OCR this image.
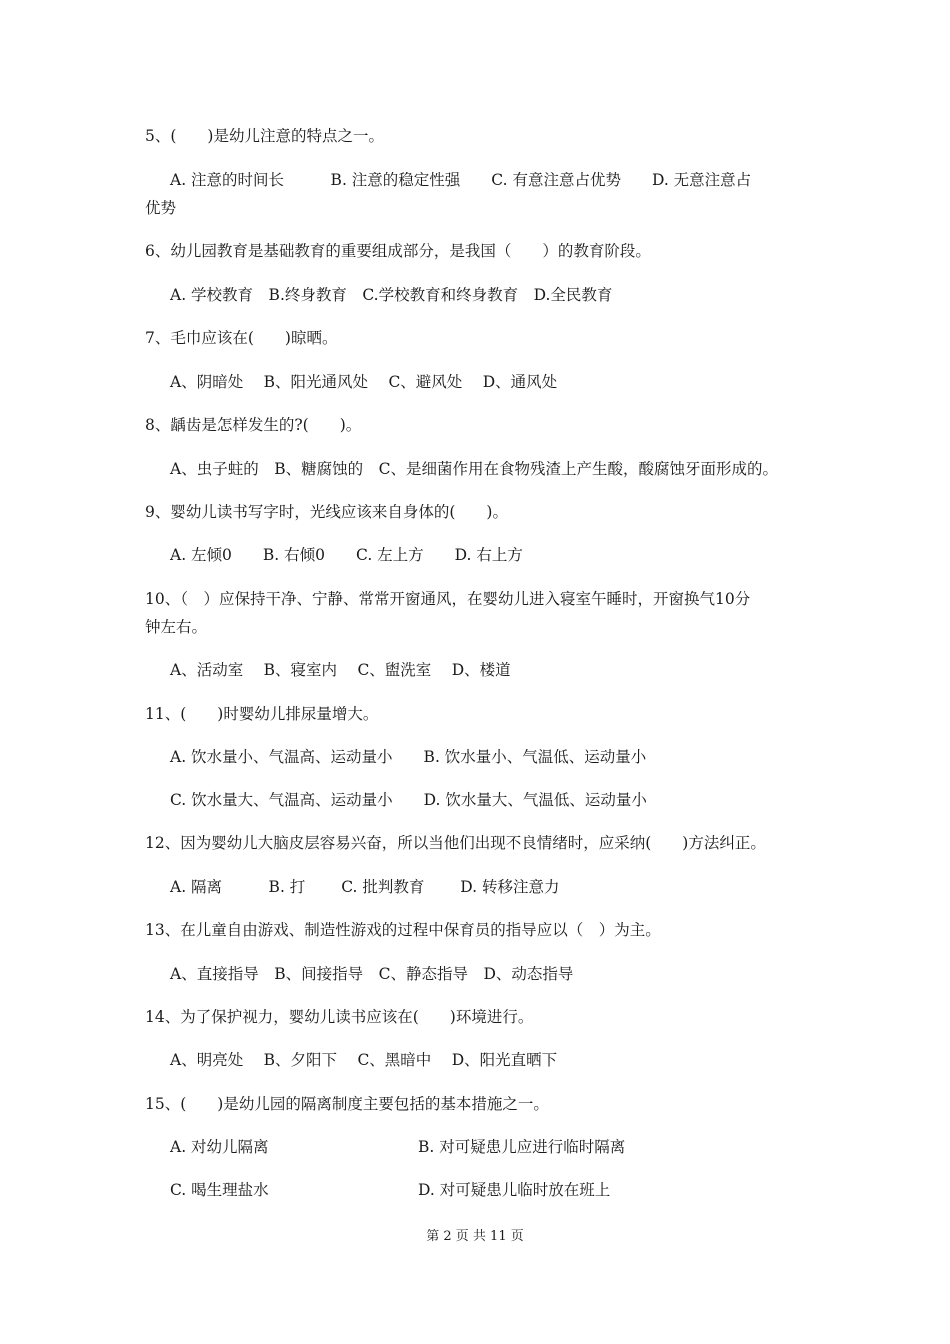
5、(　　)是幼儿注意的特点之一。
A. 注意的时间长　　　B. 注意的稳定性强　　C. 有意注意占优势　　D. 无意注意占
优势
6、幼儿园教育是基础教育的重要组成部分，是我国（　　）的教育阶段。
A. 学校教育　B.终身教育　C.学校教育和终身教育　D.全民教育
7、毛巾应该在(　　)晾晒。
A、阴暗处　 B、阳光通风处　 C、避风处　 D、通风处
8、龋齿是怎样发生的?(　　)。
A、虫子蛀的　B、糖腐蚀的　C、是细菌作用在食物残渣上产生酸，酸腐蚀牙面形成的。
9、婴幼儿读书写字时，光线应该来自身体的(　　)。
A. 左倾0　　B. 右倾0　　C. 左上方　　D. 右上方
10、（　）应保持干净、宁静、常常开窗通风，在婴幼儿进入寝室午睡时，开窗换气10分
钟左右。
A、活动室　 B、寝室内　 C、盥洗室　 D、楼道
11、(　　)时婴幼儿排尿量增大。
A. 饮水量小、气温高、运动量小　　B. 饮水量小、气温低、运动量小
C. 饮水量大、气温高、运动量小　　D. 饮水量大、气温低、运动量小
12、因为婴幼儿大脑皮层容易兴奋，所以当他们出现不良情绪时，应采纳(　　)方法纠正。
A. 隔离　　　B. 打　　 C. 批判教育　　 D. 转移注意力
13、在儿童自由游戏、制造性游戏的过程中保育员的指导应以（　）为主。
A、直接指导　B、间接指导　C、静态指导　D、动态指导
14、为了保护视力，婴幼儿读书应该在(　　)环境进行。
A、明亮处　 B、夕阳下　 C、黑暗中　 D、阳光直晒下
15、(　　)是幼儿园的隔离制度主要包括的基本措施之一。
A. 对幼儿隔离	B. 对可疑患儿应进行临时隔离
C. 喝生理盐水	D. 对可疑患儿临时放在班上
第 2 页 共 11 页
